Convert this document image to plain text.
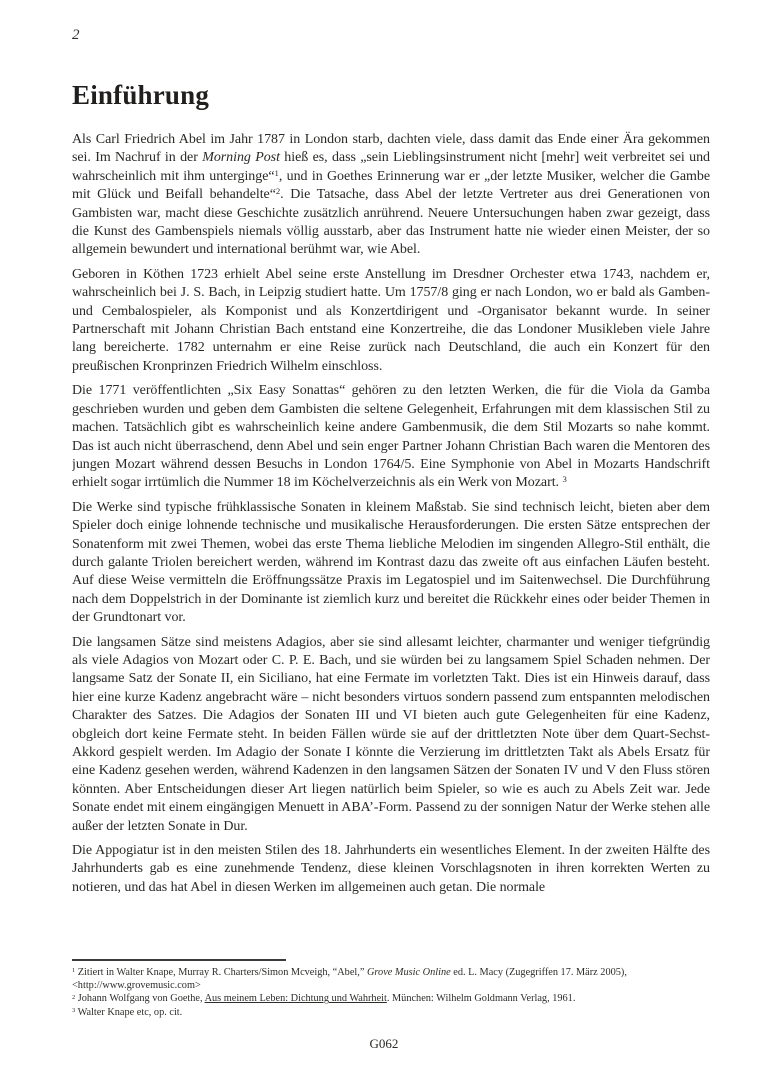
2
Einführung

Als Carl Friedrich Abel im Jahr 1787 in London starb, dachten viele, dass damit das Ende einer Ära gekommen sei. Im Nachruf in der Morning Post hieß es, dass „sein Lieblingsinstrument nicht [mehr] weit verbreitet sei und wahrscheinlich mit ihm unterginge“$^1$, und in Goethes Erinnerung war er „der letzte Musiker, welcher die Gambe mit Glück und Beifall behandelte“$^2$. Die Tatsache, dass Abel der letzte Vertreter aus drei Generationen von Gambisten war, macht diese Geschichte zusätzlich anrührend. Neuere Untersuchungen haben zwar gezeigt, dass die Kunst des Gambenspiels niemals völlig ausstarb, aber das Instrument hatte nie wieder einen Meister, der so allgemein bewundert und international berühmt war, wie Abel.

Geboren in Köthen 1723 erhielt Abel seine erste Anstellung im Dresdner Orchester etwa 1743, nachdem er, wahrscheinlich bei J. S. Bach, in Leipzig studiert hatte. Um 1757/8 ging er nach London, wo er bald als Gamben- und Cembalospieler, als Komponist und als Konzertdirigent und -Organisator bekannt wurde. In seiner Partnerschaft mit Johann Christian Bach entstand eine Konzertreihe, die das Londoner Musikleben viele Jahre lang bereicherte. 1782 unternahm er eine Reise zurück nach Deutschland, die auch ein Konzert für den preußischen Kronprinzen Friedrich Wilhelm einschloss.

Die 1771 veröffentlichten „Six Easy Sonattas“ gehören zu den letzten Werken, die für die Viola da Gamba geschrieben wurden und geben dem Gambisten die seltene Gelegenheit, Erfahrungen mit dem klassischen Stil zu machen. Tatsächlich gibt es wahrscheinlich keine andere Gambenmusik, die dem Stil Mozarts so nahe kommt. Das ist auch nicht überraschend, denn Abel und sein enger Partner Johann Christian Bach waren die Mentoren des jungen Mozart während dessen Besuchs in London 1764/5. Eine Symphonie von Abel in Mozarts Handschrift erhielt sogar irrtümlich die Nummer 18 im Köchelverzeichnis als ein Werk von Mozart. $^3$

Die Werke sind typische frühklassische Sonaten in kleinem Maßstab. Sie sind technisch leicht, bieten aber dem Spieler doch einige lohnende technische und musikalische Herausforderungen. Die ersten Sätze entsprechen der Sonatenform mit zwei Themen, wobei das erste Thema liebliche Melodien im singenden Allegro-Stil enthält, die durch galante Triolen bereichert werden, während im Kontrast dazu das zweite oft aus einfachen Läufen besteht. Auf diese Weise vermitteln die Eröffnungssätze Praxis im Legatospiel und im Saitenwechsel. Die Durchführung nach dem Doppelstrich in der Dominante ist ziemlich kurz und bereitet die Rückkehr eines oder beider Themen in der Grundtonart vor.

Die langsamen Sätze sind meistens Adagios, aber sie sind allesamt leichter, charmanter und weniger tiefgründig als viele Adagios von Mozart oder C. P. E. Bach, und sie würden bei zu langsamem Spiel Schaden nehmen. Der langsame Satz der Sonate II, ein Siciliano, hat eine Fermate im vorletzten Takt. Dies ist ein Hinweis darauf, dass hier eine kurze Kadenz angebracht wäre – nicht besonders virtuos sondern passend zum entspannten melodischen Charakter des Satzes. Die Adagios der Sonaten III und VI bieten auch gute Gelegenheiten für eine Kadenz, obgleich dort keine Fermate steht. In beiden Fällen würde sie auf der drittletzten Note über dem Quart-Sechst-Akkord gespielt werden. Im Adagio der Sonate I könnte die Verzierung im drittletzten Takt als Abels Ersatz für eine Kadenz gesehen werden, während Kadenzen in den langsamen Sätzen der Sonaten IV und V den Fluss stören könnten. Aber Entscheidungen dieser Art liegen natürlich beim Spieler, so wie es auch zu Abels Zeit war. Jede Sonate endet mit einem eingängigen Menuett in ABA’-Form. Passend zu der sonnigen Natur der Werke stehen alle außer der letzten Sonate in Dur.

Die Appogiatur ist in den meisten Stilen des 18. Jahrhunderts ein wesentliches Element. In der zweiten Hälfte des Jahrhunderts gab es eine zunehmende Tendenz, diese kleinen Vorschlagsnoten in ihren korrekten Werten zu notieren, und das hat Abel in diesen Werken im allgemeinen auch getan. Die normale

$^1$ Zitiert in Walter Knape, Murray R. Charters/Simon Mcveigh, “Abel,” Grove Music Online ed. L. Macy (Zugegriffen 17. März 2005), <http://www.grovemusic.com>

$^2$ Johann Wolfgang von Goethe, Aus meinem Leben: Dichtung und Wahrheit. München: Wilhelm Goldmann Verlag, 1961.

$^3$ Walter Knape etc, op. cit.

G062
